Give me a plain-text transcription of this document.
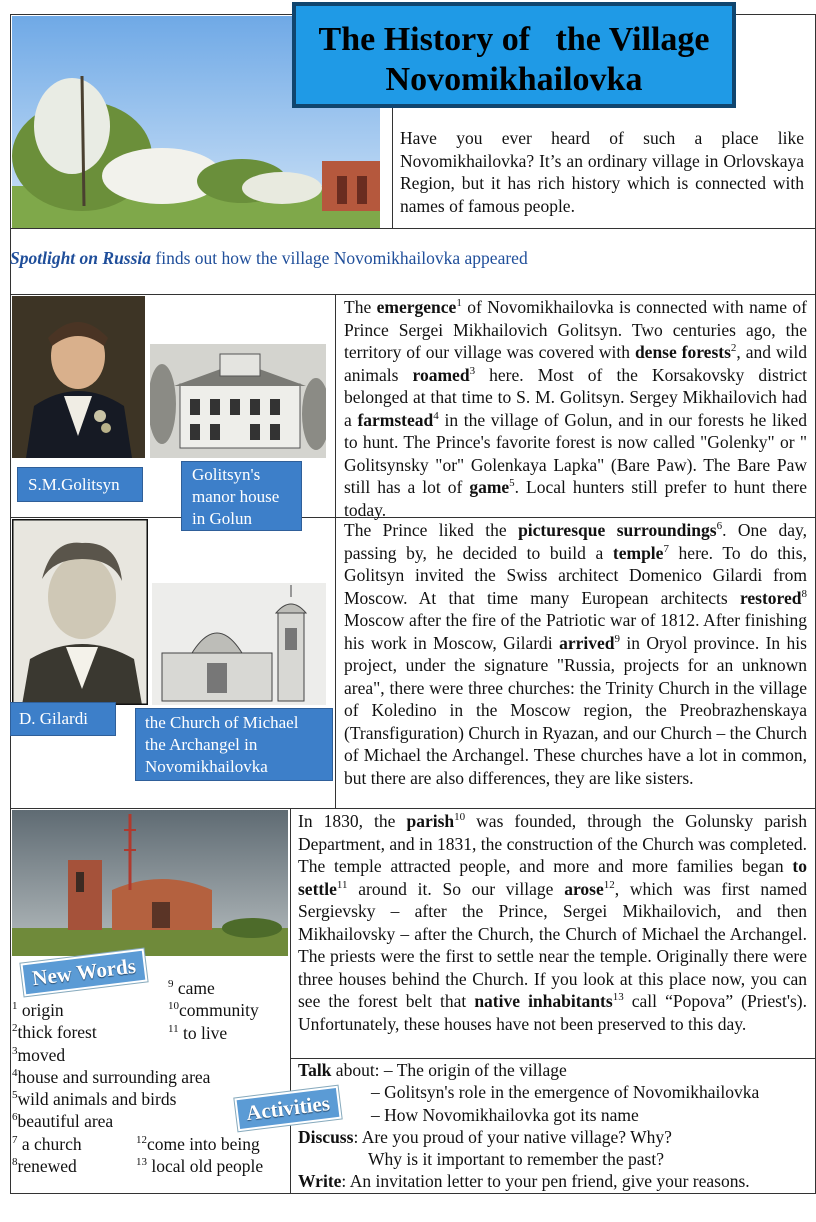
The History of   the Village
Novomikhailovka
Have you ever heard of such a place like Novomikhailovka? It’s an ordinary village in Orlovskaya Region, but it has rich history which is connected with names of famous people.
Spotlight on Russia finds out how the village Novomikhailovka appeared
S.M.Golitsyn
Golitsyn's manor house in Golun
The emergence$^1$ of Novomikhailovka is connected with name of Prince Sergei Mikhailovich Golitsyn. Two centuries ago, the territory of our village was covered with dense forests$^2$, and wild animals roamed$^3$ here. Most of the Korsakovsky district belonged at that time to S. M. Golitsyn. Sergey Mikhailovich had a farmstead$^4$ in the village of Golun, and in our forests he liked to hunt. The Prince's favorite forest is now called "Golenky" or " Golitsynsky "or" Golenkaya Lapka" (Bare Paw). The Bare Paw still has a lot of game$^5$. Local hunters still prefer to hunt there today.
D. Gilardi	the Church of Michael the Archangel in Novomikhailovka
The Prince liked the picturesque surroundings$^6$. One day, passing by, he decided to build a temple$^7$ here. To do this, Golitsyn invited the Swiss architect Domenico Gilardi from Moscow. At that time many European architects restored$^8$ Moscow after the fire of the Patriotic war of 1812. After finishing his work in Moscow, Gilardi arrived$^9$ in Oryol province. In his project, under the signature "Russia, projects for an unknown area", there were three churches: the Trinity Church in the village of Koledino in the Moscow region, the Preobrazhenskaya (Transfiguration) Church in Ryazan, and our Church – the Church of Michael the Archangel. These churches have a lot in common, but there are also differences, they are like sisters.
In 1830, the parish$^{10}$ was founded, through the Golunsky parish Department, and in 1831, the construction of the Church was completed. The temple attracted people, and more and more families began to settle$^{11}$ around it. So our village arose$^{12}$, which was first named Sergievsky – after the Prince, Sergei Mikhailovich, and then Mikhailovsky – after the Church, the Church of Michael the Archangel. The priests were the first to settle near the temple. Originally there were three houses behind the Church. If you look at this place now, you can see the forest belt that native inhabitants$^{13}$ call “Popova” (Priest's). Unfortunately, these houses have not been preserved to this day.
New Words
$^1$ origin
$^2$thick forest
$^3$moved
$^4$house and surrounding area
$^5$wild animals and birds
$^6$beautiful area
$^7$ a church
$^8$renewed
$^9$ came
$^{10}$community
$^{11}$ to live
$^{12}$come into being
$^{13}$ local old people
Activities
Talk about: – The origin of the village
– Golitsyn's role in the emergence of Novomikhailovka
– How Novomikhailovka got its name
Discuss: Are you proud of your native village? Why?
Why is it important to remember the past?
Write: An invitation letter to your pen friend, give your reasons.
